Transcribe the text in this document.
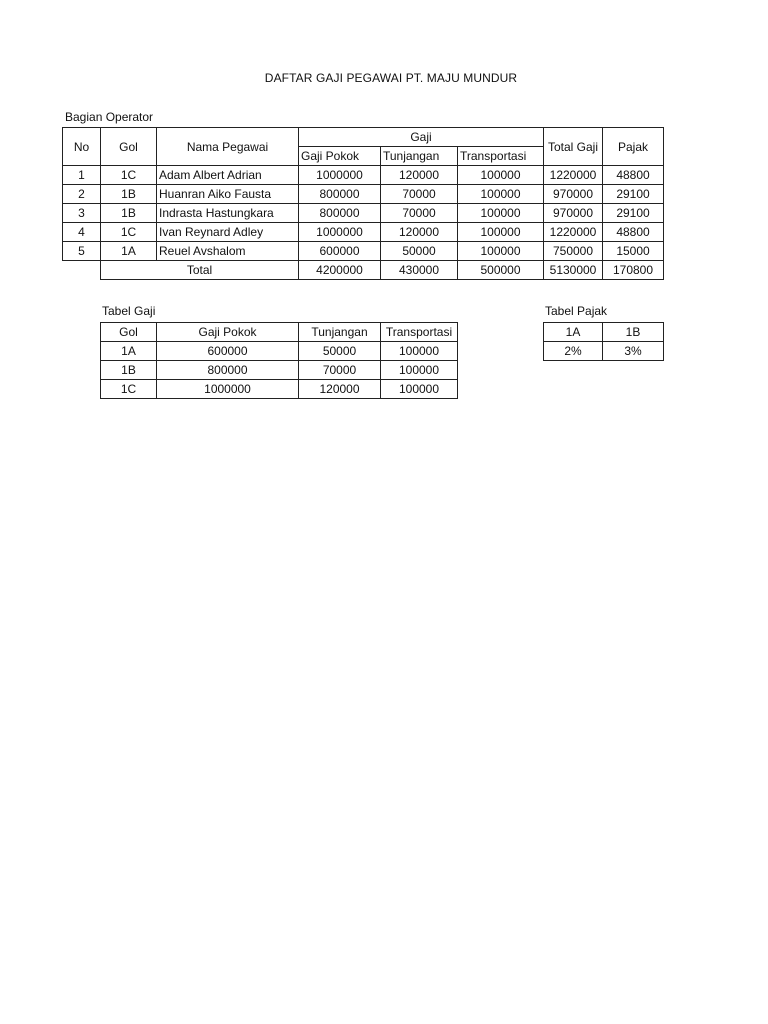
DAFTAR GAJI PEGAWAI PT. MAJU MUNDUR
Bagian Operator
No	Gol	Nama Pegawai	Gaji			Total Gaji	Pajak
			Gaji Pokok	Tunjangan	Transportasi		
1	1C	Adam Albert Adrian	1000000	120000	100000	1220000	48800
2	1B	Huanran Aiko Fausta	800000	70000	100000	970000	29100
3	1B	Indrasta Hastungkara	800000	70000	100000	970000	29100
4	1C	Ivan Reynard Adley	1000000	120000	100000	1220000	48800
5	1A	Reuel Avshalom	600000	50000	100000	750000	15000
	Total		4200000	430000	500000	5130000	170800
Tabel Gaji
Gol	Gaji Pokok	Tunjangan	Transportasi
1A	600000	50000	100000
1B	800000	70000	100000
1C	1000000	120000	100000
Tabel Pajak
1A	1B
2%	3%
